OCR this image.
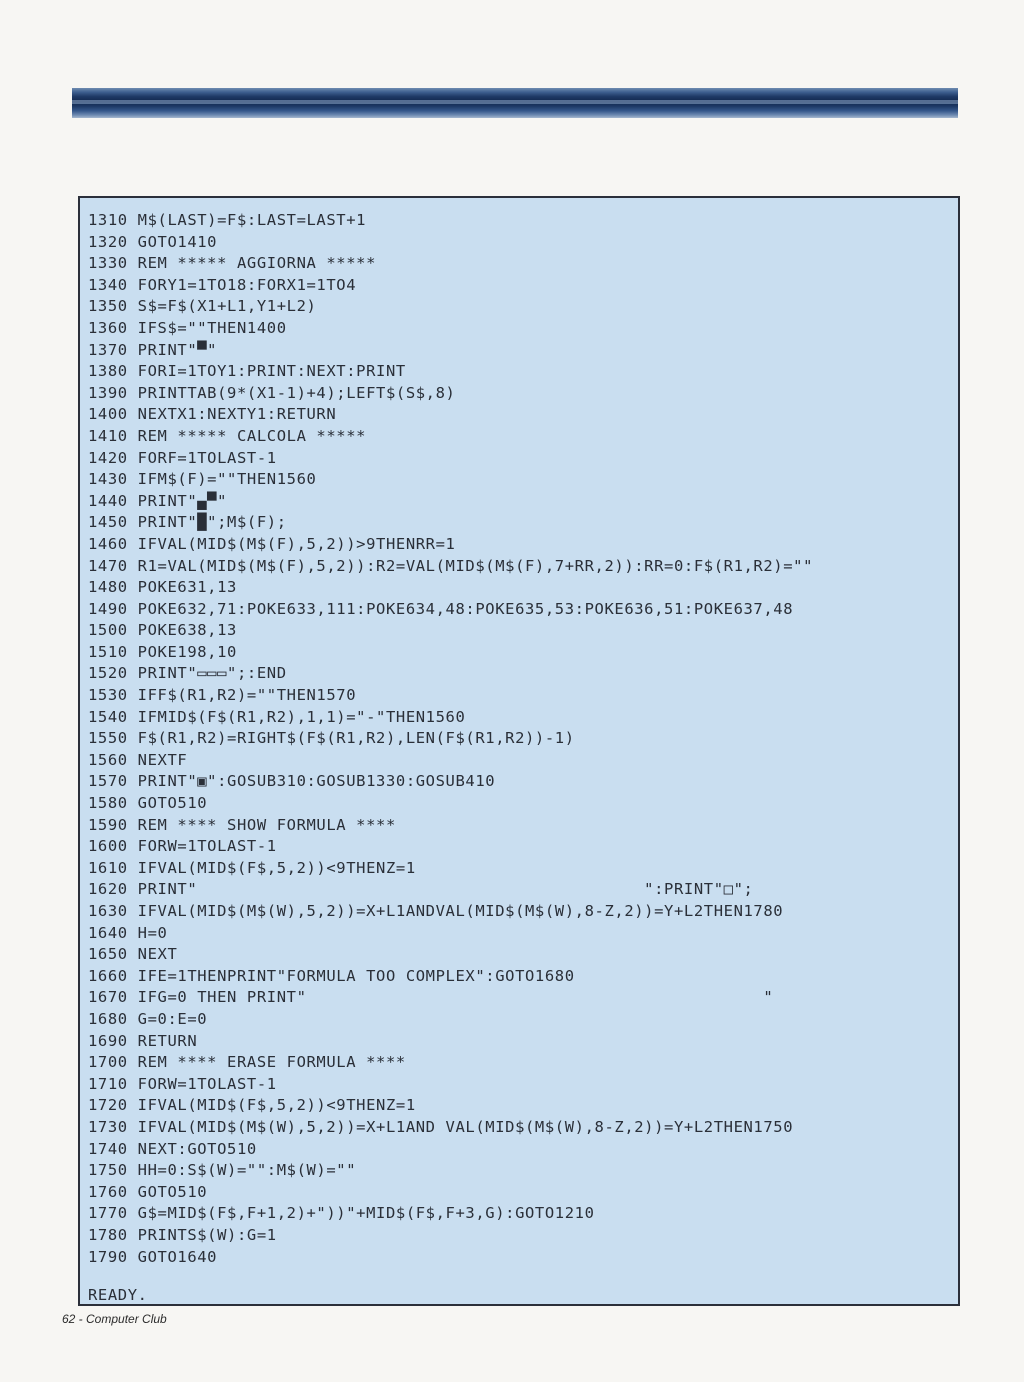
1310 M$(LAST)=F$:LAST=LAST+1
1320 GOTO1410
1330 REM ***** AGGIORNA *****
1340 FORY1=1TO18:FORX1=1TO4
1350 S$=F$(X1+L1,Y1+L2)
1360 IFS$=""THEN1400
1370 PRINT"▀"
1380 FORI=1TOY1:PRINT:NEXT:PRINT
1390 PRINTTAB(9*(X1-1)+4);LEFT$(S$,8)
1400 NEXTX1:NEXTY1:RETURN
1410 REM ***** CALCOLA *****
1420 FORF=1TOLAST-1
1430 IFM$(F)=""THEN1560
1440 PRINT"▄▀"
1450 PRINT"█";M$(F);
1460 IFVAL(MID$(M$(F),5,2))>9THENRR=1
1470 R1=VAL(MID$(M$(F),5,2)):R2=VAL(MID$(M$(F),7+RR,2)):RR=0:F$(R1,R2)=""
1480 POKE631,13
1490 POKE632,71:POKE633,111:POKE634,48:POKE635,53:POKE636,51:POKE637,48
1500 POKE638,13
1510 POKE198,10
1520 PRINT"▭▭▭";:END
1530 IFF$(R1,R2)=""THEN1570
1540 IFMID$(F$(R1,R2),1,1)="-"THEN1560
1550 F$(R1,R2)=RIGHT$(F$(R1,R2),LEN(F$(R1,R2))-1)
1560 NEXTF
1570 PRINT"▣":GOSUB310:GOSUB1330:GOSUB410
1580 GOTO510
1590 REM **** SHOW FORMULA ****
1600 FORW=1TOLAST-1
1610 IFVAL(MID$(F$,5,2))<9THENZ=1
1620 PRINT"                                             ":PRINT"□";
1630 IFVAL(MID$(M$(W),5,2))=X+L1ANDVAL(MID$(M$(W),8-Z,2))=Y+L2THEN1780
1640 H=0
1650 NEXT
1660 IFE=1THENPRINT"FORMULA TOO COMPLEX":GOTO1680
1670 IFG=0 THEN PRINT"                                              "
1680 G=0:E=0
1690 RETURN
1700 REM **** ERASE FORMULA ****
1710 FORW=1TOLAST-1
1720 IFVAL(MID$(F$,5,2))<9THENZ=1
1730 IFVAL(MID$(M$(W),5,2))=X+L1AND VAL(MID$(M$(W),8-Z,2))=Y+L2THEN1750
1740 NEXT:GOTO510
1750 HH=0:S$(W)="":M$(W)=""
1760 GOTO510
1770 G$=MID$(F$,F+1,2)+"))"+MID$(F$,F+3,G):GOTO1210
1780 PRINTS$(W):G=1
1790 GOTO1640
READY.
62 - Computer Club
